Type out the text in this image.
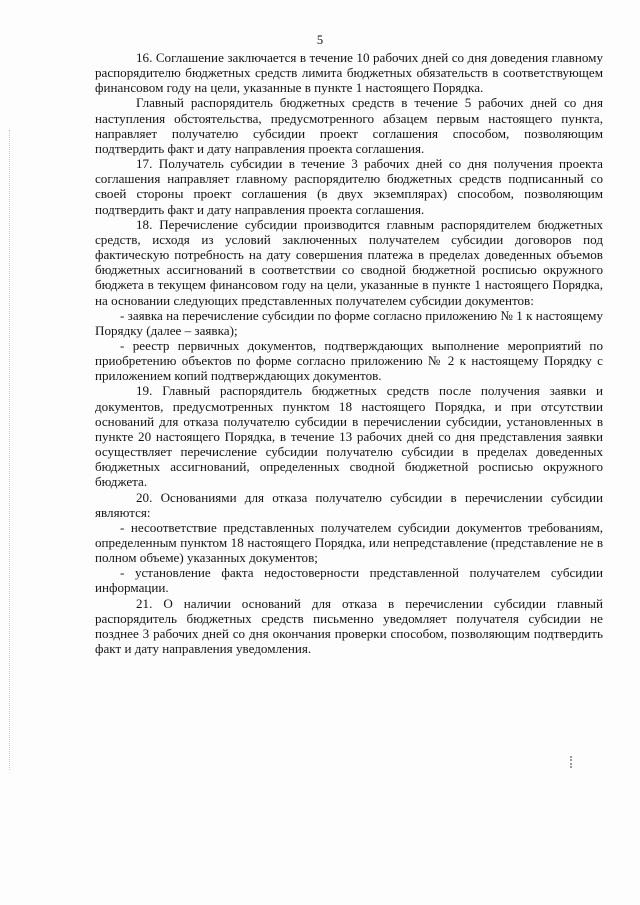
5

16. Соглашение заключается в течение 10 рабочих дней со дня доведения главному распорядителю бюджетных средств лимита бюджетных обязательств в соответствующем финансовом году на цели, указанные в пункте 1 настоящего Порядка.

Главный распорядитель бюджетных средств в течение 5 рабочих дней со дня наступления обстоятельства, предусмотренного абзацем первым настоящего пункта, направляет получателю субсидии проект соглашения способом, позволяющим подтвердить факт и дату направления проекта соглашения.

17. Получатель субсидии в течение 3 рабочих дней со дня получения проекта соглашения направляет главному распорядителю бюджетных средств подписанный со своей стороны проект соглашения (в двух экземплярах) способом, позволяющим подтвердить факт и дату направления проекта соглашения.

18. Перечисление субсидии производится главным распорядителем бюджетных средств, исходя из условий заключенных получателем субсидии договоров под фактическую потребность на дату совершения платежа в пределах доведенных объемов бюджетных ассигнований в соответствии со сводной бюджетной росписью окружного бюджета в текущем финансовом году на цели, указанные в пункте 1 настоящего Порядка, на основании следующих представленных получателем субсидии документов:

- заявка на перечисление субсидии по форме согласно приложению № 1 к настоящему Порядку (далее – заявка);

- реестр первичных документов, подтверждающих выполнение мероприятий по приобретению объектов по форме согласно приложению № 2 к настоящему Порядку с приложением копий подтверждающих документов.

19. Главный распорядитель бюджетных средств после получения заявки и документов, предусмотренных пунктом 18 настоящего Порядка, и при отсутствии оснований для отказа получателю субсидии в перечислении субсидии, установленных в пункте 20 настоящего Порядка, в течение 13 рабочих дней со дня представления заявки осуществляет перечисление субсидии получателю субсидии в пределах доведенных бюджетных ассигнований, определенных сводной бюджетной росписью окружного бюджета.

20. Основаниями для отказа получателю субсидии в перечислении субсидии являются:

- несоответствие представленных получателем субсидии документов требованиям, определенным пунктом 18 настоящего Порядка, или непредставление (представление не в полном объеме) указанных документов;

- установление факта недостоверности представленной получателем субсидии информации.

21. О наличии оснований для отказа в перечислении субсидии главный распорядитель бюджетных средств письменно уведомляет получателя субсидии не позднее 3 рабочих дней со дня окончания проверки способом, позволяющим подтвердить факт и дату направления уведомления.
